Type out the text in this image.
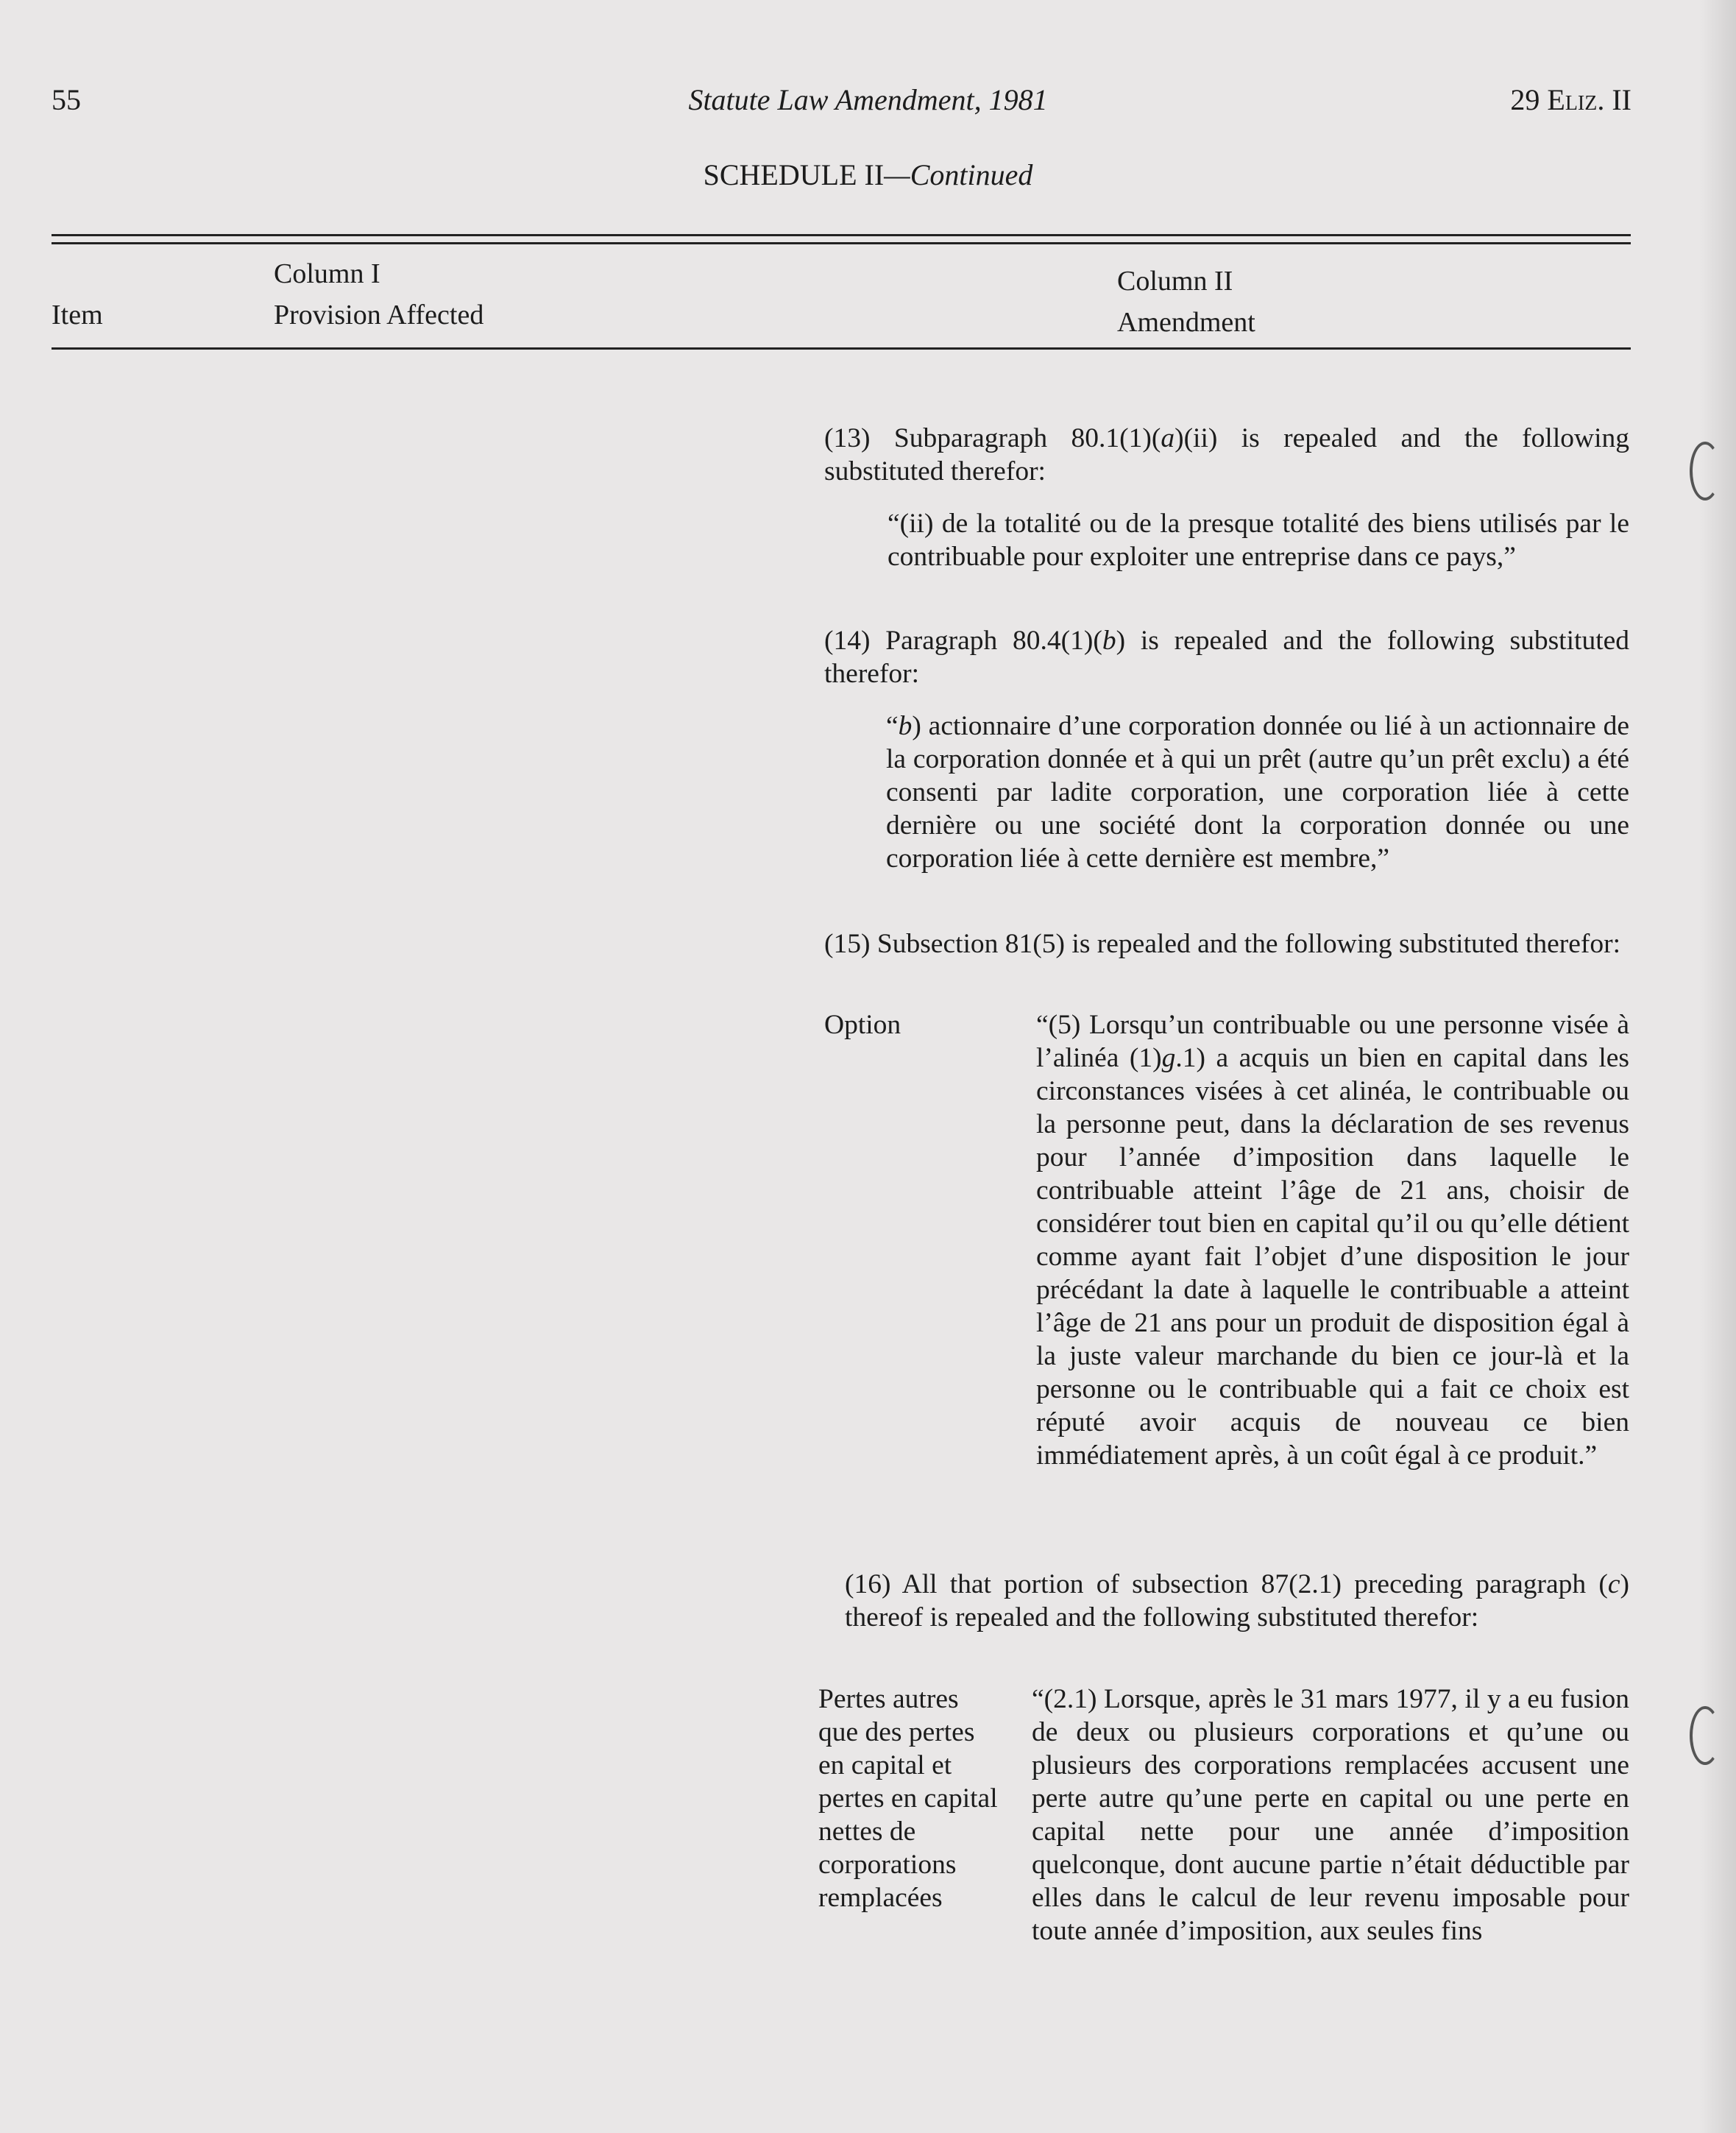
Statute Law Amendment, 1981
55	29 Eliz. II
SCHEDULE II—Continued
Item
Column I
Provision Affected
Column II
Amendment

(13) Subparagraph 80.1(1)(a)(ii) is repealed and the following substituted therefor:

“(ii) de la totalité ou de la presque totalité des biens utilisés par le contribuable pour exploiter une entreprise dans ce pays,”

(14) Paragraph 80.4(1)(b) is repealed and the following substituted therefor:

“b) actionnaire d’une corporation donnée ou lié à un actionnaire de la corporation donnée et à qui un prêt (autre qu’un prêt exclu) a été consenti par ladite corporation, une corporation liée à cette dernière ou une société dont la corporation donnée ou une corporation liée à cette dernière est membre,”

(15) Subsection 81(5) is repealed and the following substituted therefor:

Option	“(5) Lorsqu’un contribuable ou une personne visée à l’alinéa (1)g.1) a acquis un bien en capital dans les circonstances visées à cet alinéa, le contribuable ou la personne peut, dans la déclaration de ses revenus pour l’année d’imposition dans laquelle le contribuable atteint l’âge de 21 ans, choisir de considérer tout bien en capital qu’il ou qu’elle détient comme ayant fait l’objet d’une disposition le jour précédant la date à laquelle le contribuable a atteint l’âge de 21 ans pour un produit de disposition égal à la juste valeur marchande du bien ce jour-là et la personne ou le contribuable qui a fait ce choix est réputé avoir acquis de nouveau ce bien immédiatement après, à un coût égal à ce produit.”

(16) All that portion of subsection 87(2.1) preceding paragraph (c) thereof is repealed and the following substituted therefor:

Pertes autres que des pertes en capital et pertes en capital nettes de corporations remplacées
“(2.1) Lorsque, après le 31 mars 1977, il y a eu fusion de deux ou plusieurs corporations et qu’une ou plusieurs des corporations remplacées accusent une perte autre qu’une perte en capital ou une perte en capital nette pour une année d’imposition quelconque, dont aucune partie n’était déductible par elles dans le calcul de leur revenu imposable pour toute année d’imposition, aux seules fins
